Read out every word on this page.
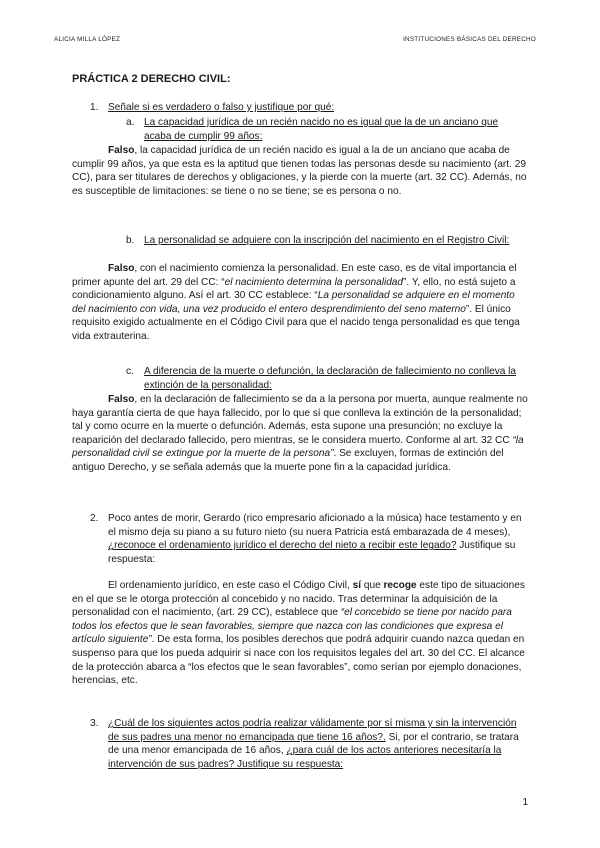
ALICIA MILLA LÓPEZ	INSTITUCIONES BÁSICAS DEL DERECHO
PRÁCTICA 2 DERECHO CIVIL:
1. Señale si es verdadero o falso y justifique por qué:
a. La capacidad jurídica de un recién nacido no es igual que la de un anciano que acaba de cumplir 99 años:

Falso, la capacidad jurídica de un recién nacido es igual a la de un anciano que acaba de cumplir 99 años, ya que esta es la aptitud que tienen todas las personas desde su nacimiento (art. 29 CC), para ser titulares de derechos y obligaciones, y la pierde con la muerte (art. 32 CC). Además, no es susceptible de limitaciones: se tiene o no se tiene; se es persona o no.

b. La personalidad se adquiere con la inscripción del nacimiento en el Registro Civil:

Falso, con el nacimiento comienza la personalidad. En este caso, es de vital importancia el primer apunte del art. 29 del CC: “el nacimiento determina la personalidad”. Y, ello, no está sujeto a condicionamiento alguno. Así el art. 30 CC establece: “La personalidad se adquiere en el momento del nacimiento con vida, una vez producido el entero desprendimiento del seno materno”. El único requisito exigido actualmente en el Código Civil para que el nacido tenga personalidad es que tenga vida extrauterina.

c. A diferencia de la muerte o defunción, la declaración de fallecimiento no conlleva la extinción de la personalidad:

Falso, en la declaración de fallecimiento se da a la persona por muerta, aunque realmente no haya garantía cierta de que haya fallecido, por lo que sí que conlleva la extinción de la personalidad; tal y como ocurre en la muerte o defunción. Además, esta supone una presunción; no excluye la reaparición del declarado fallecido, pero mientras, se le considera muerto. Conforme al art. 32 CC “la personalidad civil se extingue por la muerte de la persona”. Se excluyen, formas de extinción del antiguo Derecho, y se señala además que la muerte pone fin a la capacidad jurídica.

2. Poco antes de morir, Gerardo (rico empresario aficionado a la música) hace testamento y en el mismo deja su piano a su futuro nieto (su nuera Patricia está embarazada de 4 meses), ¿reconoce el ordenamiento jurídico el derecho del nieto a recibir este legado? Justifique su respuesta:

El ordenamiento jurídico, en este caso el Código Civil, sí que recoge este tipo de situaciones en el que se le otorga protección al concebido y no nacido. Tras determinar la adquisición de la personalidad con el nacimiento, (art. 29 CC), establece que “el concebido se tiene por nacido para todos los efectos que le sean favorables, siempre que nazca con las condiciones que expresa el artículo siguiente”. De esta forma, los posibles derechos que podrá adquirir cuando nazca quedan en suspenso para que los pueda adquirir si nace con los requisitos legales del art. 30 del CC. El alcance de la protección abarca a “los efectos que le sean favorables”, como serían por ejemplo donaciones, herencias, etc.

3. ¿Cuál de los siguientes actos podría realizar válidamente por sí misma y sin la intervención de sus padres una menor no emancipada que tiene 16 años?. Si, por el contrario, se tratara de una menor emancipada de 16 años, ¿para cuál de los actos anteriores necesitaría la intervención de sus padres? Justifique su respuesta:

1
